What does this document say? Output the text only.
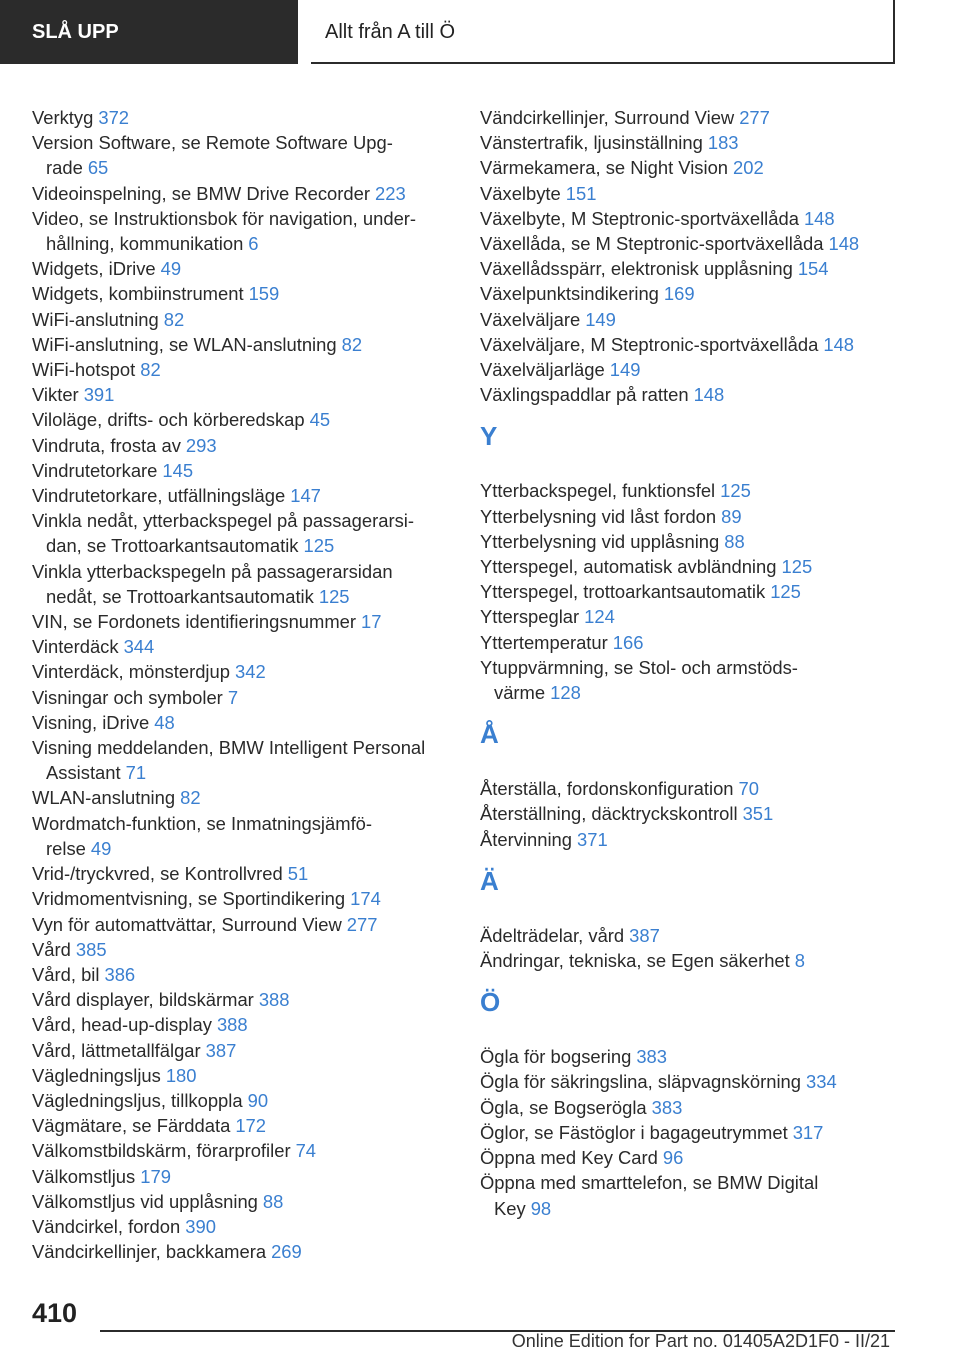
SLÅ UPP	Allt från A till Ö
Verktyg 372
Version Software, se Remote Software Upg-
rade 65
Videoinspelning, se BMW Drive Recorder 223
Video, se Instruktionsbok för navigation, under-
hållning, kommunikation 6
Widgets, iDrive 49
Widgets, kombiinstrument 159
WiFi-anslutning 82
WiFi-anslutning, se WLAN-anslutning 82
WiFi-hotspot 82
Vikter 391
Viloläge, drifts- och körberedskap 45
Vindruta, frosta av 293
Vindrutetorkare 145
Vindrutetorkare, utfällningsläge 147
Vinkla nedåt, ytterbackspegel på passagerarsi-
dan, se Trottoarkantsautomatik 125
Vinkla ytterbackspegeln på passagerarsidan
nedåt, se Trottoarkantsautomatik 125
VIN, se Fordonets identifieringsnummer 17
Vinterdäck 344
Vinterdäck, mönsterdjup 342
Visningar och symboler 7
Visning, iDrive 48
Visning meddelanden, BMW Intelligent Personal
Assistant 71
WLAN-anslutning 82
Wordmatch-funktion, se Inmatningsjämfö-
relse 49
Vrid-/tryckvred, se Kontrollvred 51
Vridmomentvisning, se Sportindikering 174
Vyn för automattvättar, Surround View 277
Vård 385
Vård, bil 386
Vård displayer, bildskärmar 388
Vård, head-up-display 388
Vård, lättmetallfälgar 387
Vägledningsljus 180
Vägledningsljus, tillkoppla 90
Vägmätare, se Färddata 172
Välkomstbildskärm, förarprofiler 74
Välkomstljus 179
Välkomstljus vid upplåsning 88
Vändcirkel, fordon 390
Vändcirkellinjer, backkamera 269
Vändcirkellinjer, Surround View 277
Vänstertrafik, ljusinställning 183
Värmekamera, se Night Vision 202
Växelbyte 151
Växelbyte, M Steptronic-sportväxellåda 148
Växellåda, se M Steptronic-sportväxellåda 148
Växellådsspärr, elektronisk upplåsning 154
Växelpunktsindikering 169
Växelväljare 149
Växelväljare, M Steptronic-sportväxellåda 148
Växelväljarläge 149
Växlingspaddlar på ratten 148
Y
Ytterbackspegel, funktionsfel 125
Ytterbelysning vid låst fordon 89
Ytterbelysning vid upplåsning 88
Ytterspegel, automatisk avbländning 125
Ytterspegel, trottoarkantsautomatik 125
Ytterspeglar 124
Yttertemperatur 166
Ytuppvärmning, se Stol- och armstöds-
värme 128
Å
Återställa, fordonskonfiguration 70
Återställning, däcktryckskontroll 351
Återvinning 371
Ä
Ädelträdelar, vård 387
Ändringar, tekniska, se Egen säkerhet 8
Ö
Ögla för bogsering 383
Ögla för säkringslina, släpvagnskörning 334
Ögla, se Bogserögla 383
Öglor, se Fästöglor i bagageutrymmet 317
Öppna med Key Card 96
Öppna med smarttelefon, se BMW Digital
Key 98
410
Online Edition for Part no. 01405A2D1F0 - II/21
